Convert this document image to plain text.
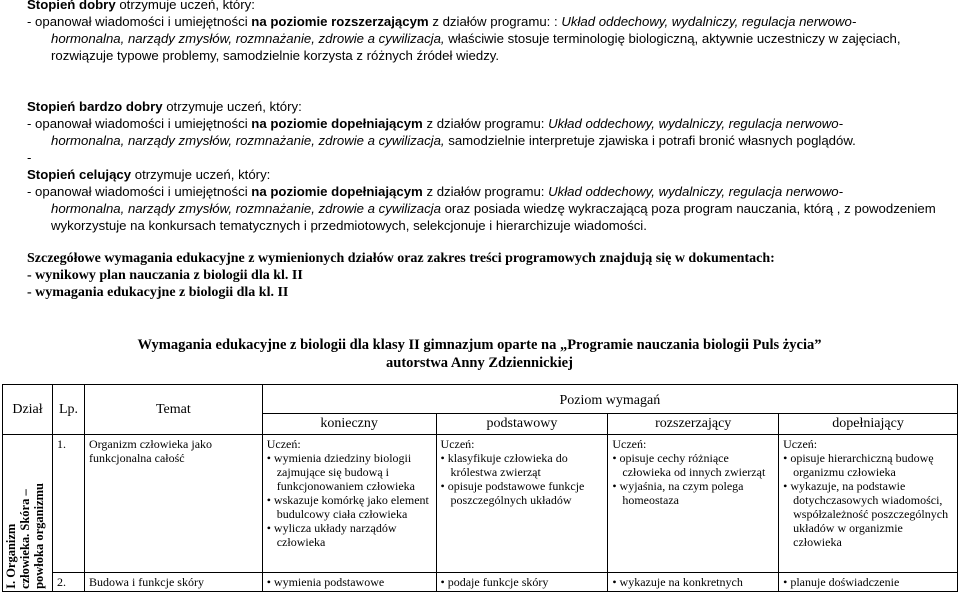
Stopień dobry otrzymuje uczeń, który:
- opanował wiadomości i umiejętności na poziomie rozszerzającym z działów programu: : Układ oddechowy, wydalniczy, regulacja nerwowo-
hormonalna, narządy zmysłów, rozmnażanie, zdrowie a cywilizacja, właściwie stosuje terminologię biologiczną, aktywnie uczestniczy w zajęciach,
rozwiązuje typowe problemy, samodzielnie korzysta z różnych źródeł wiedzy.
Stopień bardzo dobry otrzymuje uczeń, który:
- opanował wiadomości i umiejętności na poziomie dopełniającym z działów programu: Układ oddechowy, wydalniczy, regulacja nerwowo-
hormonalna, narządy zmysłów, rozmnażanie, zdrowie a cywilizacja, samodzielnie interpretuje zjawiska i potrafi bronić własnych poglądów.
-
Stopień celujący otrzymuje uczeń, który:
- opanował wiadomości i umiejętności na poziomie dopełniającym z działów programu: Układ oddechowy, wydalniczy, regulacja nerwowo-
hormonalna, narządy zmysłów, rozmnażanie, zdrowie a cywilizacja oraz posiada wiedzę wykraczającą poza program nauczania, którą , z powodzeniem
wykorzystuje na konkursach tematycznych i przedmiotowych, selekcjonuje i hierarchizuje wiadomości.
Szczegółowe wymagania edukacyjne z wymienionych działów oraz zakres treści programowych znajdują się w dokumentach:
- wynikowy plan nauczania z biologii dla kl. II
- wymagania edukacyjne z biologii dla kl. II
Wymagania edukacyjne z biologii dla klasy II gimnazjum oparte na „Programie nauczania biologii Puls życia”
autorstwa Anny Zdziennickiej
Dział	Lp.	Temat	Poziom wymagań			
			konieczny	podstawowy	rozszerzający	dopełniający

I. Organizm
człowieka. Skóra –
powłoka organizmu	1.	Organizm człowieka jako funkcjonalna całość	Uczeń:
• wymienia dziedziny biologii zajmujące się budową i funkcjonowaniem człowieka
• wskazuje komórkę jako element budulcowy ciała człowieka
• wylicza układy narządów człowieka	Uczeń:
• klasyfikuje człowieka do królestwa zwierząt
• opisuje podstawowe funkcje poszczególnych układów	Uczeń:
• opisuje cechy różniące człowieka od innych zwierząt
• wyjaśnia, na czym polega homeostaza	Uczeń:
• opisuje hierarchiczną budowę organizmu człowieka
• wykazuje, na podstawie dotychczasowych wiadomości, współzależność poszczególnych układów w organizmie człowieka

	2.	Budowa i funkcje skóry	• wymienia podstawowe	• podaje funkcje skóry	• wykazuje na konkretnych	• planuje doświadczenie
